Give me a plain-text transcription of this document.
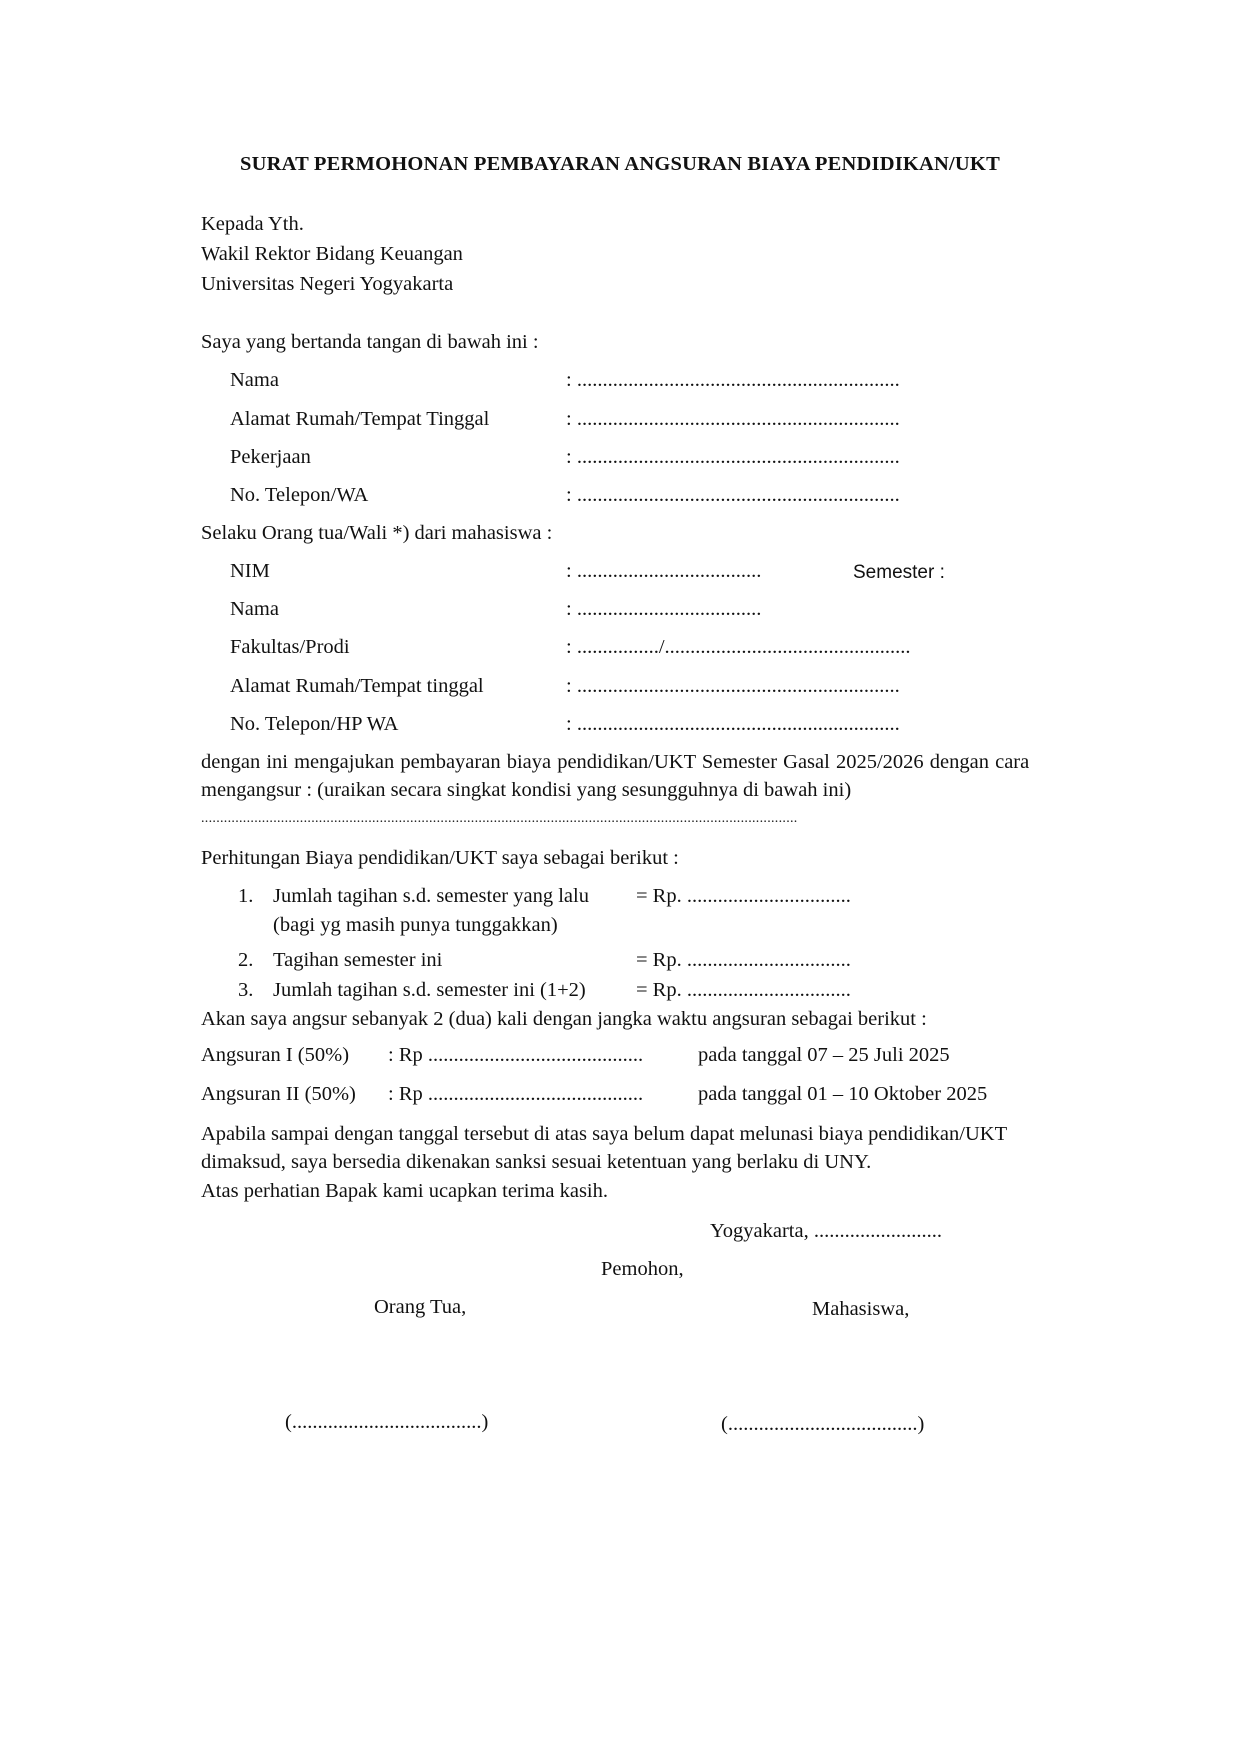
SURAT PERMOHONAN PEMBAYARAN ANGSURAN BIAYA PENDIDIKAN/UKT
Kepada Yth.
Wakil Rektor Bidang Keuangan
Universitas Negeri Yogyakarta
Saya yang bertanda tangan di bawah ini :
Nama	: ...............................................................
Alamat Rumah/Tempat Tinggal	: ...............................................................
Pekerjaan	: ...............................................................
No. Telepon/WA	: ...............................................................
Selaku Orang tua/Wali *) dari mahasiswa :
NIM	: ....................................	Semester :
Nama	: ....................................
Fakultas/Prodi	: ................/................................................
Alamat Rumah/Tempat tinggal	: ...............................................................
No. Telepon/HP WA	: ...............................................................
dengan ini mengajukan pembayaran biaya pendidikan/UKT Semester Gasal 2025/2026 dengan cara
mengangsur : (uraikan secara singkat kondisi yang sesungguhnya di bawah ini)
.............................................................................................................................................................
Perhitungan Biaya pendidikan/UKT saya sebagai berikut :
1. Jumlah tagihan s.d. semester yang lalu = Rp. ................................
(bagi yg masih punya tunggakkan)
2. Tagihan semester ini	= Rp. ................................
3. Jumlah tagihan s.d. semester ini (1+2) = Rp. ................................
Akan saya angsur sebanyak 2 (dua) kali dengan jangka waktu angsuran sebagai berikut :
Angsuran I (50%) : Rp ..........................................	pada tanggal 07 – 25 Juli 2025
Angsuran II (50%) : Rp ..........................................	pada tanggal 01 – 10 Oktober 2025
Apabila sampai dengan tanggal tersebut di atas saya belum dapat melunasi biaya pendidikan/UKT
dimaksud, saya bersedia dikenakan sanksi sesuai ketentuan yang berlaku di UNY.
Atas perhatian Bapak kami ucapkan terima kasih.
Yogyakarta, .........................
Pemohon,
Orang Tua,	Mahasiswa,
(.....................................)	(.....................................)
